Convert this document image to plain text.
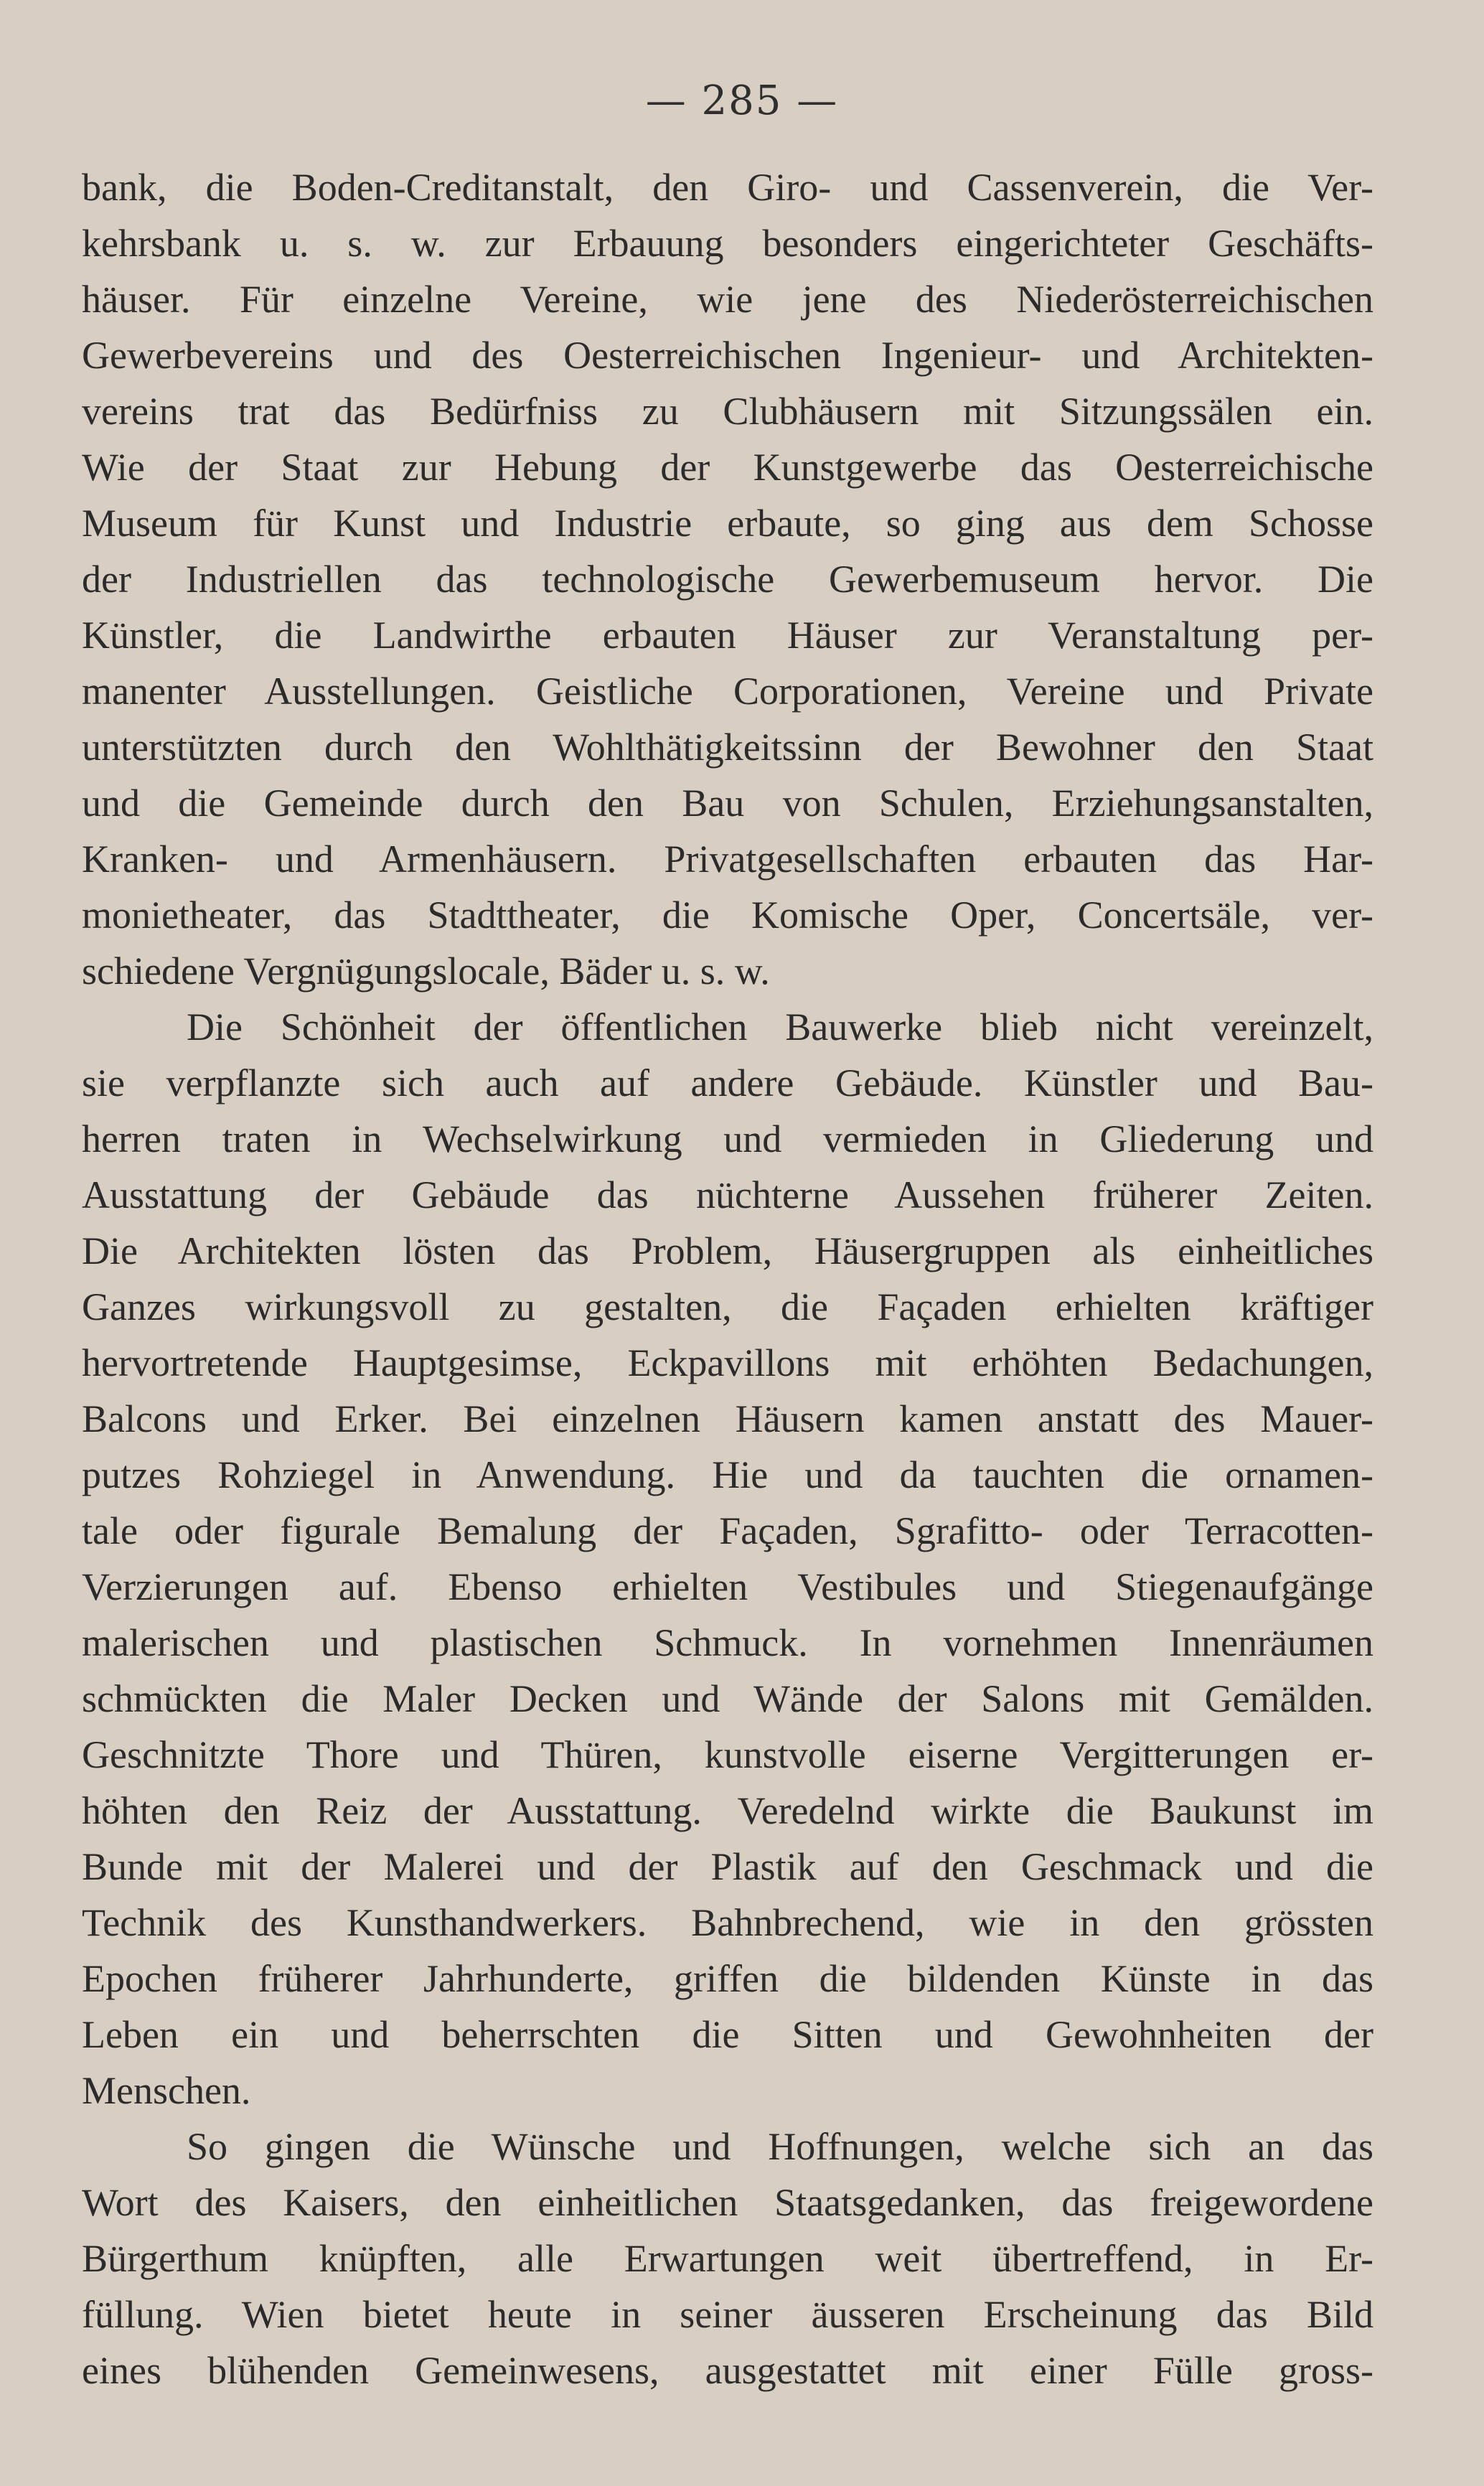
— 285 —
bank, die Boden-Creditanstalt, den Giro- und Cassenverein, die Ver-
kehrsbank u. s. w. zur Erbauung besonders eingerichteter Geschäfts-
häuser. Für einzelne Vereine, wie jene des Niederösterreichischen
Gewerbevereins und des Oesterreichischen Ingenieur- und Architekten-
vereins trat das Bedürfniss zu Clubhäusern mit Sitzungssälen ein.
Wie der Staat zur Hebung der Kunstgewerbe das Oesterreichische
Museum für Kunst und Industrie erbaute, so ging aus dem Schosse
der Industriellen das technologische Gewerbemuseum hervor. Die
Künstler, die Landwirthe erbauten Häuser zur Veranstaltung per-
manenter Ausstellungen. Geistliche Corporationen, Vereine und Private
unterstützten durch den Wohlthätigkeitssinn der Bewohner den Staat
und die Gemeinde durch den Bau von Schulen, Erziehungsanstalten,
Kranken- und Armenhäusern. Privatgesellschaften erbauten das Har-
monietheater, das Stadttheater, die Komische Oper, Concertsäle, ver-
schiedene Vergnügungslocale, Bäder u. s. w.
Die Schönheit der öffentlichen Bauwerke blieb nicht vereinzelt,
sie verpflanzte sich auch auf andere Gebäude. Künstler und Bau-
herren traten in Wechselwirkung und vermieden in Gliederung und
Ausstattung der Gebäude das nüchterne Aussehen früherer Zeiten.
Die Architekten lösten das Problem, Häusergruppen als einheitliches
Ganzes wirkungsvoll zu gestalten, die Façaden erhielten kräftiger
hervortretende Hauptgesimse, Eckpavillons mit erhöhten Bedachungen,
Balcons und Erker. Bei einzelnen Häusern kamen anstatt des Mauer-
putzes Rohziegel in Anwendung. Hie und da tauchten die ornamen-
tale oder figurale Bemalung der Façaden, Sgrafitto- oder Terracotten-
Verzierungen auf. Ebenso erhielten Vestibules und Stiegenaufgänge
malerischen und plastischen Schmuck. In vornehmen Innenräumen
schmückten die Maler Decken und Wände der Salons mit Gemälden.
Geschnitzte Thore und Thüren, kunstvolle eiserne Vergitterungen er-
höhten den Reiz der Ausstattung. Veredelnd wirkte die Baukunst im
Bunde mit der Malerei und der Plastik auf den Geschmack und die
Technik des Kunsthandwerkers. Bahnbrechend, wie in den grössten
Epochen früherer Jahrhunderte, griffen die bildenden Künste in das
Leben ein und beherrschten die Sitten und Gewohnheiten der
Menschen.
So gingen die Wünsche und Hoffnungen, welche sich an das
Wort des Kaisers, den einheitlichen Staatsgedanken, das freigewordene
Bürgerthum knüpften, alle Erwartungen weit übertreffend, in Er-
füllung. Wien bietet heute in seiner äusseren Erscheinung das Bild
eines blühenden Gemeinwesens, ausgestattet mit einer Fülle gross-
